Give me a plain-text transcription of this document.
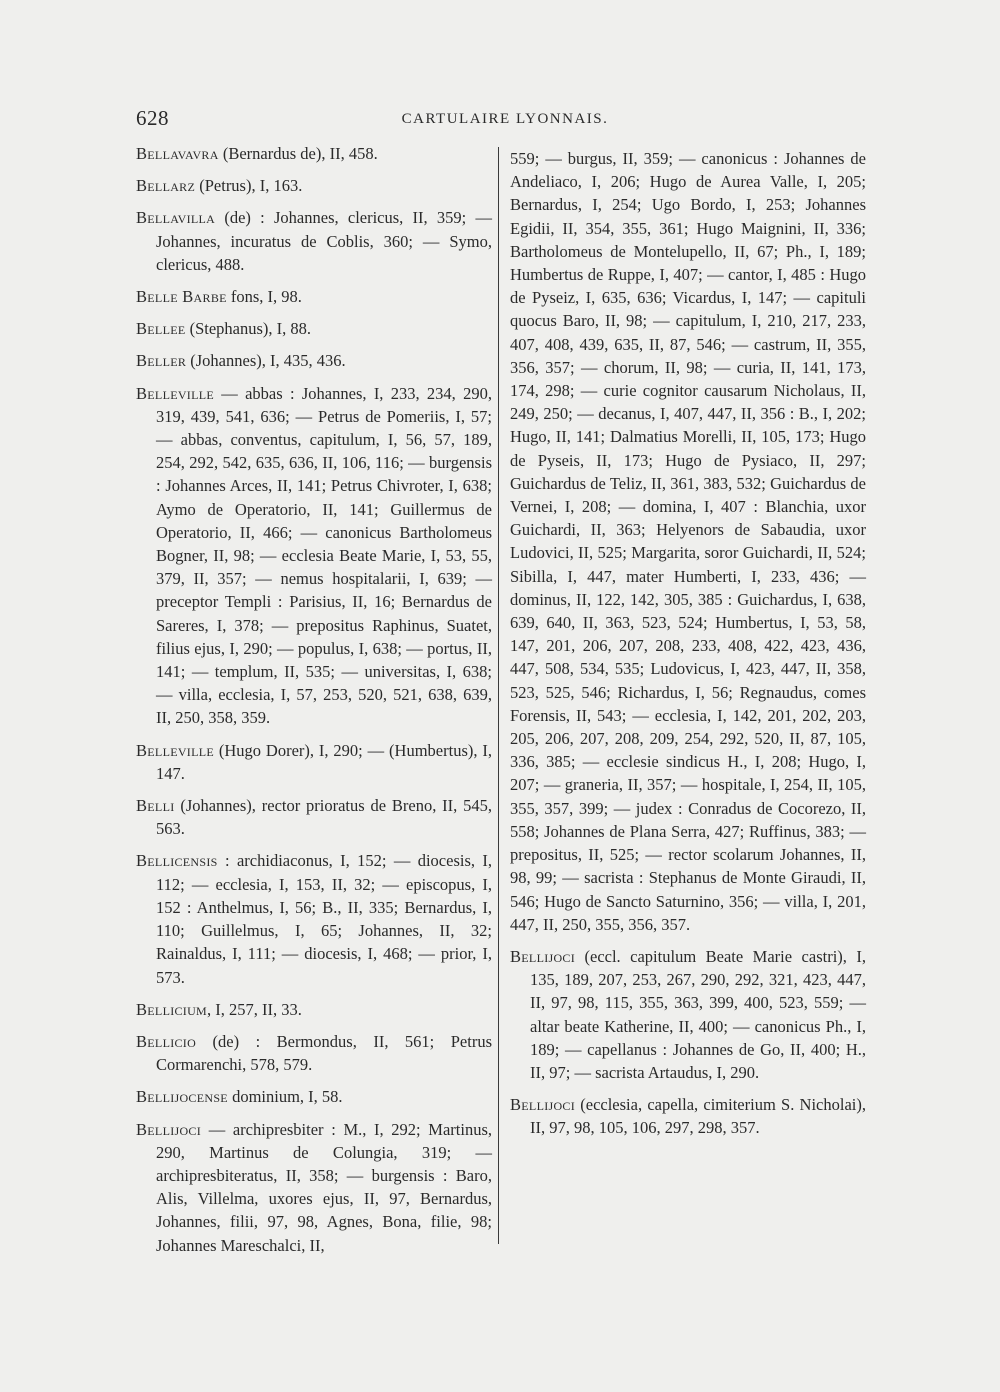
628	CARTULAIRE LYONNAIS.

Bellavavra (Bernardus de), II, 458.

Bellarz (Petrus), I, 163.

Bellavilla (de) : Johannes, clericus, II, 359; — Johannes, incuratus de Coblis, 360; — Symo, clericus, 488.

Belle Barbe fons, I, 98.

Bellee (Stephanus), I, 88.

Beller (Johannes), I, 435, 436.

Belleville — abbas : Johannes, I, 233, 234, 290, 319, 439, 541, 636; — Petrus de Pomeriis, I, 57; — abbas, conventus, capitulum, I, 56, 57, 189, 254, 292, 542, 635, 636, II, 106, 116; — burgensis : Johannes Arces, II, 141; Petrus Chivroter, I, 638; Aymo de Operatorio, II, 141; Guillermus de Operatorio, II, 466; — canonicus Bartholomeus Bogner, II, 98; — ecclesia Beate Marie, I, 53, 55, 379, II, 357; — nemus hospitalarii, I, 639; — preceptor Templi : Parisius, II, 16; Bernardus de Sareres, I, 378; — prepositus Raphinus, Suatet, filius ejus, I, 290; — populus, I, 638; — portus, II, 141; — templum, II, 535; — universitas, I, 638; — villa, ecclesia, I, 57, 253, 520, 521, 638, 639, II, 250, 358, 359.

Belleville (Hugo Dorer), I, 290; — (Humbertus), I, 147.

Belli (Johannes), rector prioratus de Breno, II, 545, 563.

Bellicensis : archidiaconus, I, 152; — diocesis, I, 112; — ecclesia, I, 153, II, 32; — episcopus, I, 152 : Anthelmus, I, 56; B., II, 335; Bernardus, I, 110; Guillelmus, I, 65; Johannes, II, 32; Rainaldus, I, 111; — diocesis, I, 468; — prior, I, 573.

Bellicium, I, 257, II, 33.

Bellicio (de) : Bermondus, II, 561; Petrus Cormarenchi, 578, 579.

Bellijocense dominium, I, 58.

Bellijoci — archipresbiter : M., I, 292; Martinus, 290, Martinus de Colungia, 319; — archipresbiteratus, II, 358; — burgensis : Baro, Alis, Villelma, uxores ejus, II, 97, Bernardus, Johannes, filii, 97, 98, Agnes, Bona, filie, 98; Johannes Mareschalci, II,

559; — burgus, II, 359; — canonicus : Johannes de Andeliaco, I, 206; Hugo de Aurea Valle, I, 205; Bernardus, I, 254; Ugo Bordo, I, 253; Johannes Egidii, II, 354, 355, 361; Hugo Maignini, II, 336; Bartholomeus de Montelupello, II, 67; Ph., I, 189; Humbertus de Ruppe, I, 407; — cantor, I, 485 : Hugo de Pyseiz, I, 635, 636; Vicardus, I, 147; — capituli quocus Baro, II, 98; — capitulum, I, 210, 217, 233, 407, 408, 439, 635, II, 87, 546; — castrum, II, 355, 356, 357; — chorum, II, 98; — curia, II, 141, 173, 174, 298; — curie cognitor causarum Nicholaus, II, 249, 250; — decanus, I, 407, 447, II, 356 : B., I, 202; Hugo, II, 141; Dalmatius Morelli, II, 105, 173; Hugo de Pyseis, II, 173; Hugo de Pysiaco, II, 297; Guichardus de Teliz, II, 361, 383, 532; Guichardus de Vernei, I, 208; — domina, I, 407 : Blanchia, uxor Guichardi, II, 363; Helyenors de Sabaudia, uxor Ludovici, II, 525; Margarita, soror Guichardi, II, 524; Sibilla, I, 447, mater Humberti, I, 233, 436; — dominus, II, 122, 142, 305, 385 : Guichardus, I, 638, 639, 640, II, 363, 523, 524; Humbertus, I, 53, 58, 147, 201, 206, 207, 208, 233, 408, 422, 423, 436, 447, 508, 534, 535; Ludovicus, I, 423, 447, II, 358, 523, 525, 546; Richardus, I, 56; Regnaudus, comes Forensis, II, 543; — ecclesia, I, 142, 201, 202, 203, 205, 206, 207, 208, 209, 254, 292, 520, II, 87, 105, 336, 385; — ecclesie sindicus H., I, 208; Hugo, I, 207; — graneria, II, 357; — hospitale, I, 254, II, 105, 355, 357, 399; — judex : Conradus de Cocorezo, II, 558; Johannes de Plana Serra, 427; Ruffinus, 383; — prepositus, II, 525; — rector scolarum Johannes, II, 98, 99; — sacrista : Stephanus de Monte Giraudi, II, 546; Hugo de Sancto Saturnino, 356; — villa, I, 201, 447, II, 250, 355, 356, 357.

Bellijoci (eccl. capitulum Beate Marie castri), I, 135, 189, 207, 253, 267, 290, 292, 321, 423, 447, II, 97, 98, 115, 355, 363, 399, 400, 523, 559; — altar beate Katherine, II, 400; — canonicus Ph., I, 189; — capellanus : Johannes de Go, II, 400; H., II, 97; — sacrista Artaudus, I, 290.

Bellijoci (ecclesia, capella, cimiterium S. Nicholai), II, 97, 98, 105, 106, 297, 298, 357.
